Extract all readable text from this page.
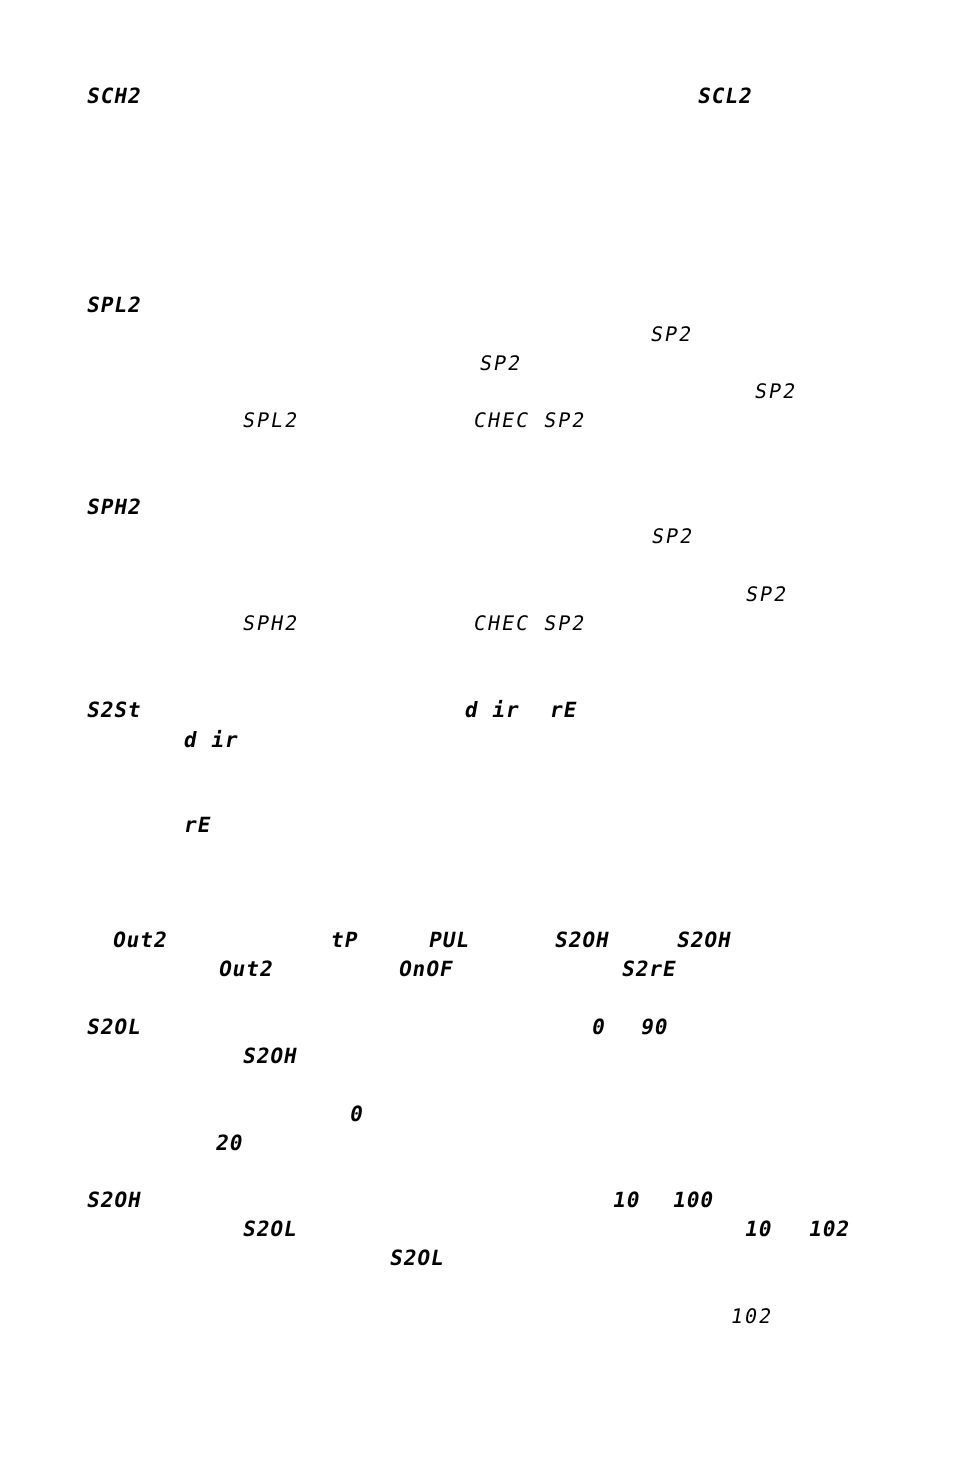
SCH2	SCL2
SPL2
SP2
SP2
SP2
SPL2	CHEC SP2
SPH2
SP2
SP2
SPH2	CHEC SP2
S2St	d ir rE
d ir
rE
Out2	tP	PUL	S2OH	S2OH
Out2	OnOF	S2rE
S2OL	0 90
S2OH
0
20
S2OH	10 100
S2OL	10 102
S2OL
102
